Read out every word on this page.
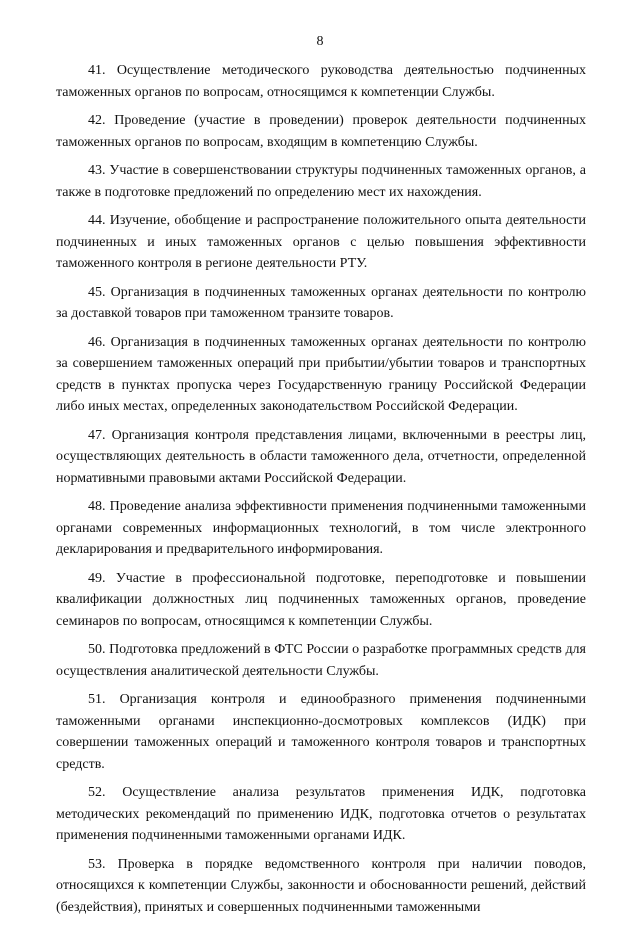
8

41. Осуществление методического руководства деятельностью подчиненных таможенных органов по вопросам, относящимся к компетенции Службы.

42. Проведение (участие в проведении) проверок деятельности подчиненных таможенных органов по вопросам, входящим в компетенцию Службы.

43. Участие в совершенствовании структуры подчиненных таможенных органов, а также в подготовке предложений по определению мест их нахождения.

44. Изучение, обобщение и распространение положительного опыта деятельности подчиненных и иных таможенных органов с целью повышения эффективности таможенного контроля в регионе деятельности РТУ.

45. Организация в подчиненных таможенных органах деятельности по контролю за доставкой товаров при таможенном транзите товаров.

46. Организация в подчиненных таможенных органах деятельности по контролю за совершением таможенных операций при прибытии/убытии товаров и транспортных средств в пунктах пропуска через Государственную границу Российской Федерации либо иных местах, определенных законодательством Российской Федерации.

47. Организация контроля представления лицами, включенными в реестры лиц, осуществляющих деятельность в области таможенного дела, отчетности, определенной нормативными правовыми актами Российской Федерации.

48. Проведение анализа эффективности применения подчиненными таможенными органами современных информационных технологий, в том числе электронного декларирования и предварительного информирования.

49. Участие в профессиональной подготовке, переподготовке и повышении квалификации должностных лиц подчиненных таможенных органов, проведение семинаров по вопросам, относящимся к компетенции Службы.

50. Подготовка предложений в ФТС России о разработке программных средств для осуществления аналитической деятельности Службы.

51. Организация контроля и единообразного применения подчиненными таможенными органами инспекционно-досмотровых комплексов (ИДК) при совершении таможенных операций и таможенного контроля товаров и транспортных средств.

52. Осуществление анализа результатов применения ИДК, подготовка методических рекомендаций по применению ИДК, подготовка отчетов о результатах применения подчиненными таможенными органами ИДК.

53. Проверка в порядке ведомственного контроля при наличии поводов, относящихся к компетенции Службы, законности и обоснованности решений, действий (бездействия), принятых и совершенных подчиненными таможенными
